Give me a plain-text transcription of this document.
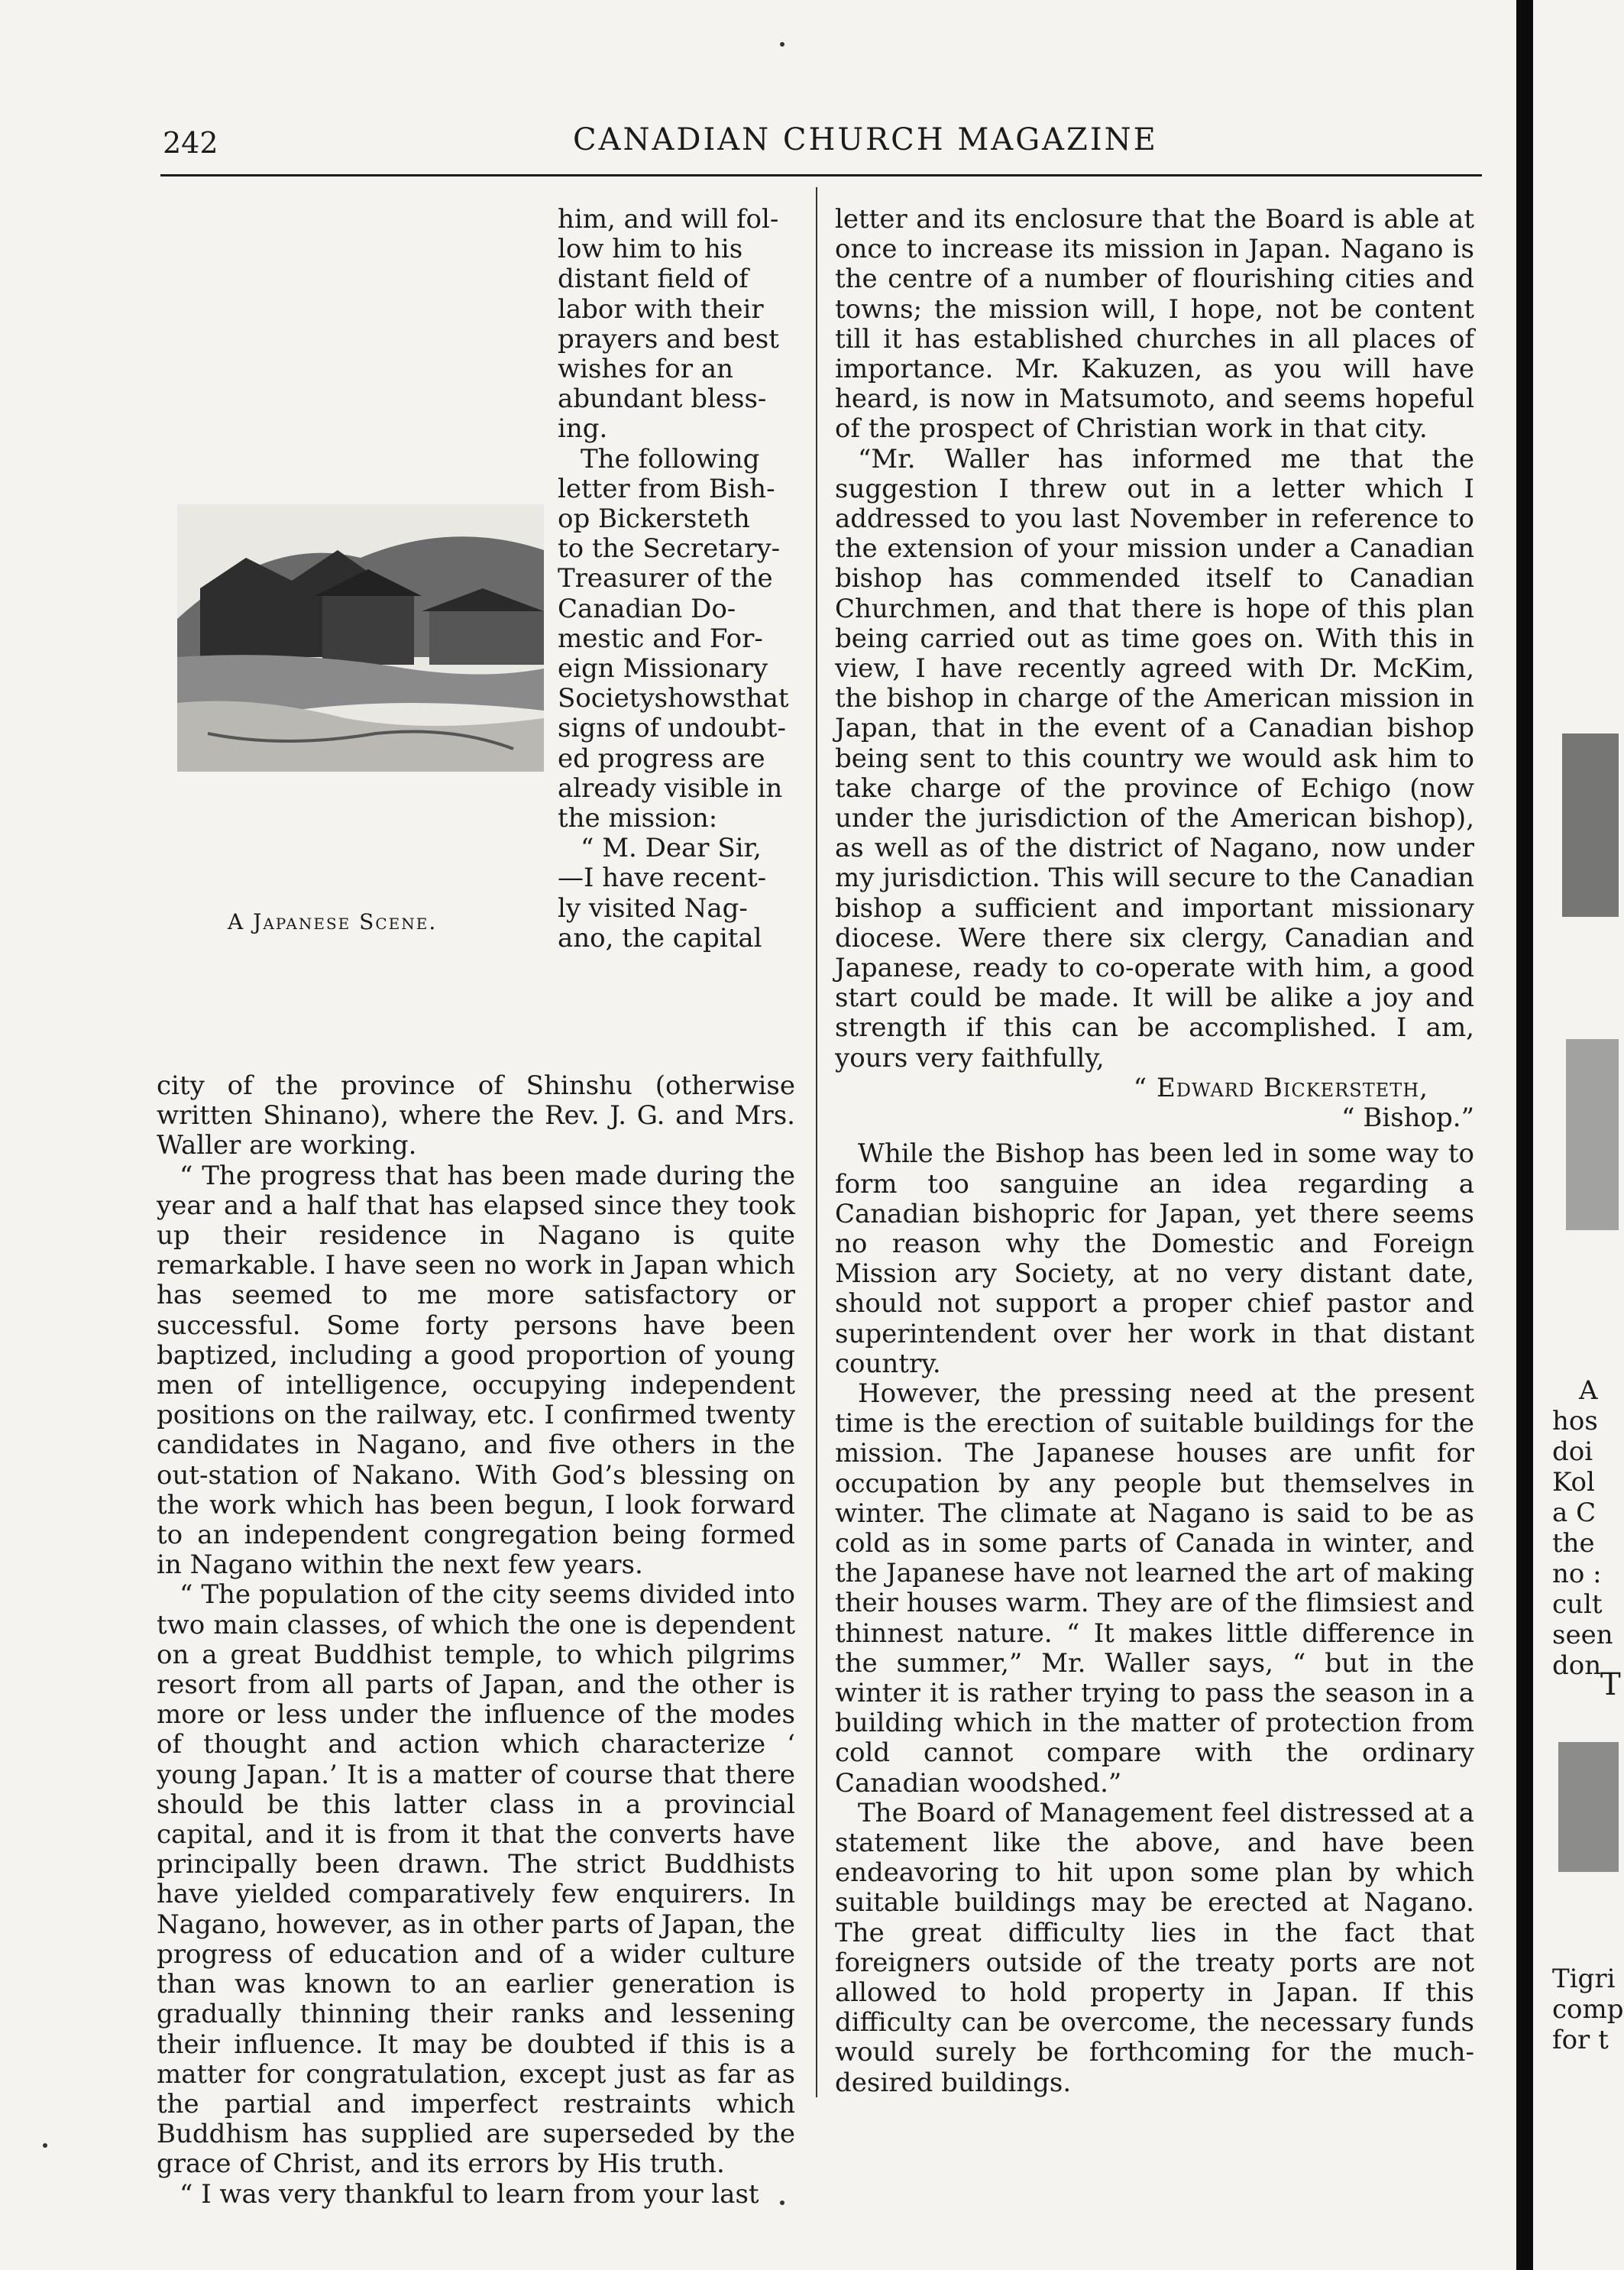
242	CANADIAN CHURCH MAGAZINE
A Japanese Scene.

him, and will fol-

low him to his

distant field of

labor with their

prayers and best

wishes for an

abundant bless-

ing.

The following

letter from Bish-

op Bickersteth

to the Secretary-

Treasurer of the

Canadian Do-

mestic and For-

eign Missionary

Societyshowsthat

signs of undoubt-

ed progress are

already visible in

the mission:

“ M. Dear Sir,

—I have recent-

ly visited Nag-

ano, the capital

city of the province of Shinshu (otherwise written Shinano), where the Rev. J. G. and Mrs. Waller are working.

“ The progress that has been made during the year and a half that has elapsed since they took up their residence in Nagano is quite remarkable. I have seen no work in Japan which has seemed to me more satisfactory or successful. Some forty persons have been baptized, including a good proportion of young men of intelligence, occupying independent positions on the railway, etc. I confirmed twenty candidates in Nagano, and five others in the out-station of Nakano. With God’s blessing on the work which has been begun, I look forward to an independent congregation being formed in Nagano within the next few years.

“ The population of the city seems divided into two main classes, of which the one is dependent on a great Buddhist temple, to which pilgrims resort from all parts of Japan, and the other is more or less under the influence of the modes of thought and action which characterize ‘ young Japan.’ It is a matter of course that there should be this latter class in a provincial capital, and it is from it that the converts have principally been drawn. The strict Buddhists have yielded comparatively few enquirers. In Nagano, however, as in other parts of Japan, the progress of education and of a wider culture than was known to an earlier generation is gradually thinning their ranks and lessening their influence. It may be doubted if this is a matter for congratulation, except just as far as the partial and imperfect restraints which Buddhism has supplied are superseded by the grace of Christ, and its errors by His truth.

“ I was very thankful to learn from your last

letter and its enclosure that the Board is able at once to increase its mission in Japan. Nagano is the centre of a number of flourishing cities and towns; the mission will, I hope, not be content till it has established churches in all places of importance. Mr. Kakuzen, as you will have heard, is now in Matsumoto, and seems hopeful of the prospect of Christian work in that city.

“Mr. Waller has informed me that the suggestion I threw out in a letter which I addressed to you last November in reference to the extension of your mission under a Canadian bishop has commended itself to Canadian Churchmen, and that there is hope of this plan being carried out as time goes on. With this in view, I have recently agreed with Dr. McKim, the bishop in charge of the American mission in Japan, that in the event of a Canadian bishop being sent to this country we would ask him to take charge of the province of Echigo (now under the jurisdiction of the American bishop), as well as of the district of Nagano, now under my jurisdiction. This will secure to the Canadian bishop a sufficient and important missionary diocese. Were there six clergy, Canadian and Japanese, ready to co-operate with him, a good start could be made. It will be alike a joy and strength if this can be accomplished. I am, yours very faithfully,

“ Edward Bickersteth,

“ Bishop.”

While the Bishop has been led in some way to form too sanguine an idea regarding a Canadian bishopric for Japan, yet there seems no reason why the Domestic and Foreign Mission ary Society, at no very distant date, should not support a proper chief pastor and superintendent over her work in that distant country.

However, the pressing need at the present time is the erection of suitable buildings for the mission. The Japanese houses are unfit for occupation by any people but themselves in winter. The climate at Nagano is said to be as cold as in some parts of Canada in winter, and the Japanese have not learned the art of making their houses warm. They are of the flimsiest and thinnest nature. “ It makes little difference in the summer,” Mr. Waller says, “ but in the winter it is rather trying to pass the season in a building which in the matter of protection from cold cannot compare with the ordinary Canadian woodshed.”

The Board of Management feel distressed at a statement like the above, and have been endeavoring to hit upon some plan by which suitable buildings may be erected at Nagano. The great difficulty lies in the fact that foreigners outside of the treaty ports are not allowed to hold property in Japan. If this difficulty can be overcome, the necessary funds would surely be forthcoming for the much-desired buildings.

A
hos
doi
Kol
a C
the
no :
cult
seen
don
T
Tigri
comp
for t
